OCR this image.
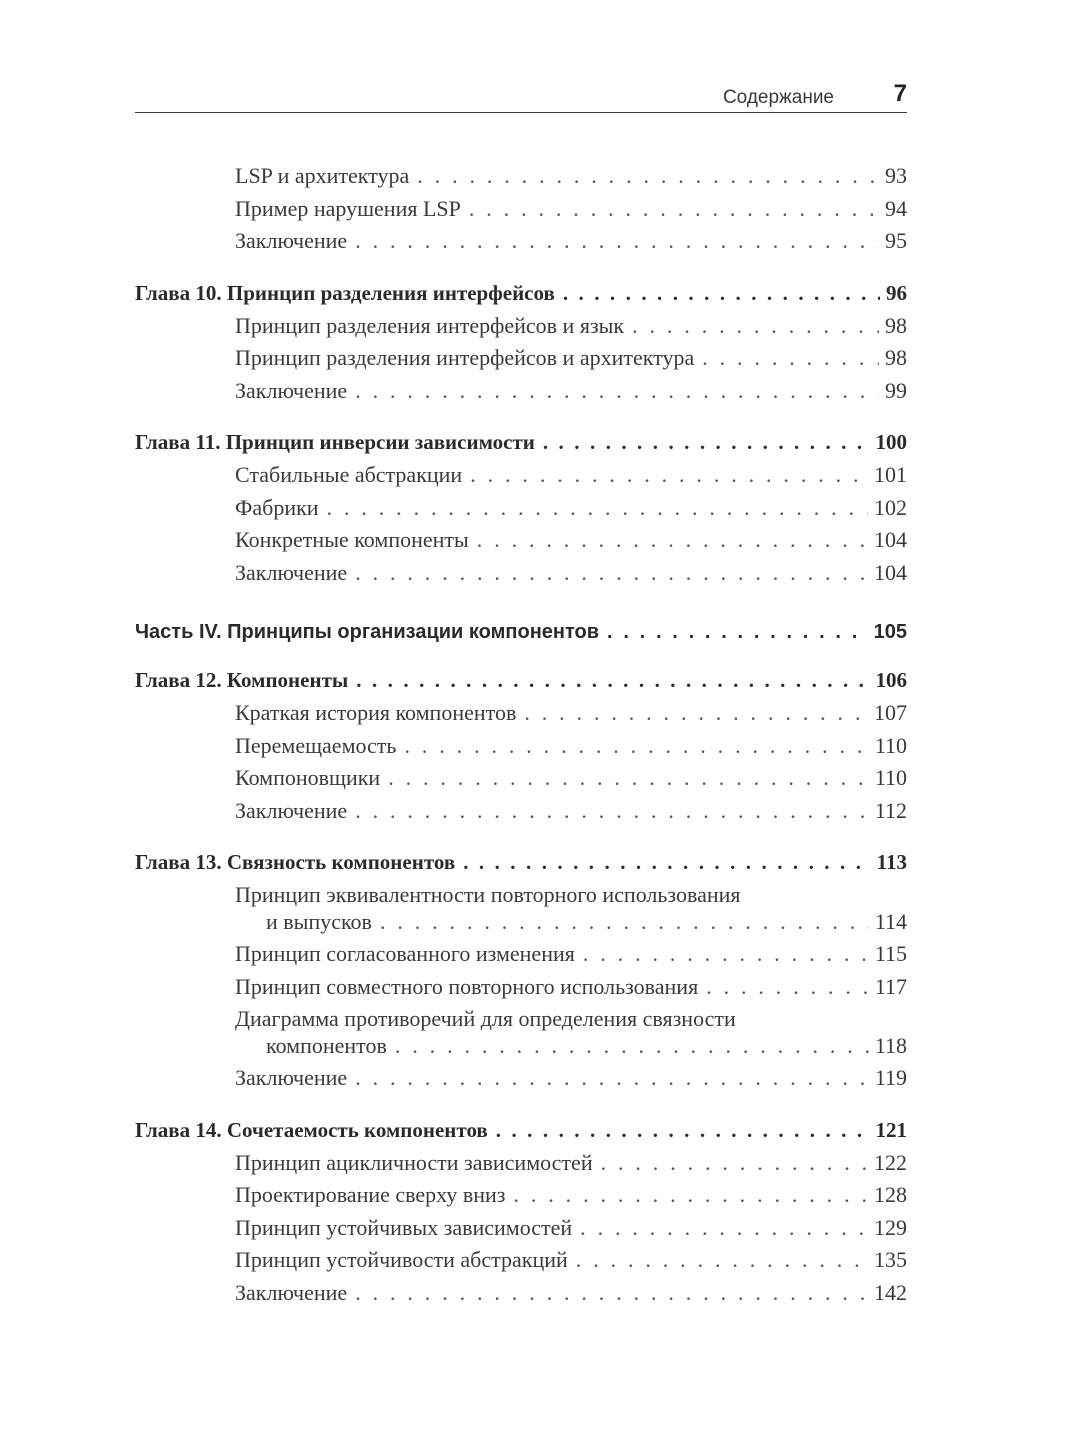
Содержание 7
LSP и архитектура . . .	93
Пример нарушения LSP . . .	94
Заключение . . .	95
Глава 10. Принцип разделения интерфейсов . . .	96
Принцип разделения интерфейсов и язык . . .	98
Принцип разделения интерфейсов и архитектура . . .	98
Заключение . . .	99
Глава 11. Принцип инверсии зависимости . . .	100
Стабильные абстракции . . .	101
Фабрики . . .	102
Конкретные компоненты . . .	104
Заключение . . .	104
Часть IV. Принципы организации компонентов . . .	105
Глава 12. Компоненты . . .	106
Краткая история компонентов . . .	107
Перемещаемость . . .	110
Компоновщики . . .	110
Заключение . . .	112
Глава 13. Связность компонентов . . .	113
Принцип эквивалентности повторного использования
и выпусков . . .	114
Принцип согласованного изменения . . .	115
Принцип совместного повторного использования . . .	117
Диаграмма противоречий для определения связности
компонентов . . .	118
Заключение . . .	119
Глава 14. Сочетаемость компонентов . . .	121
Принцип ацикличности зависимостей . . .	122
Проектирование сверху вниз . . .	128
Принцип устойчивых зависимостей . . .	129
Принцип устойчивости абстракций . . .	135
Заключение . . .	142
